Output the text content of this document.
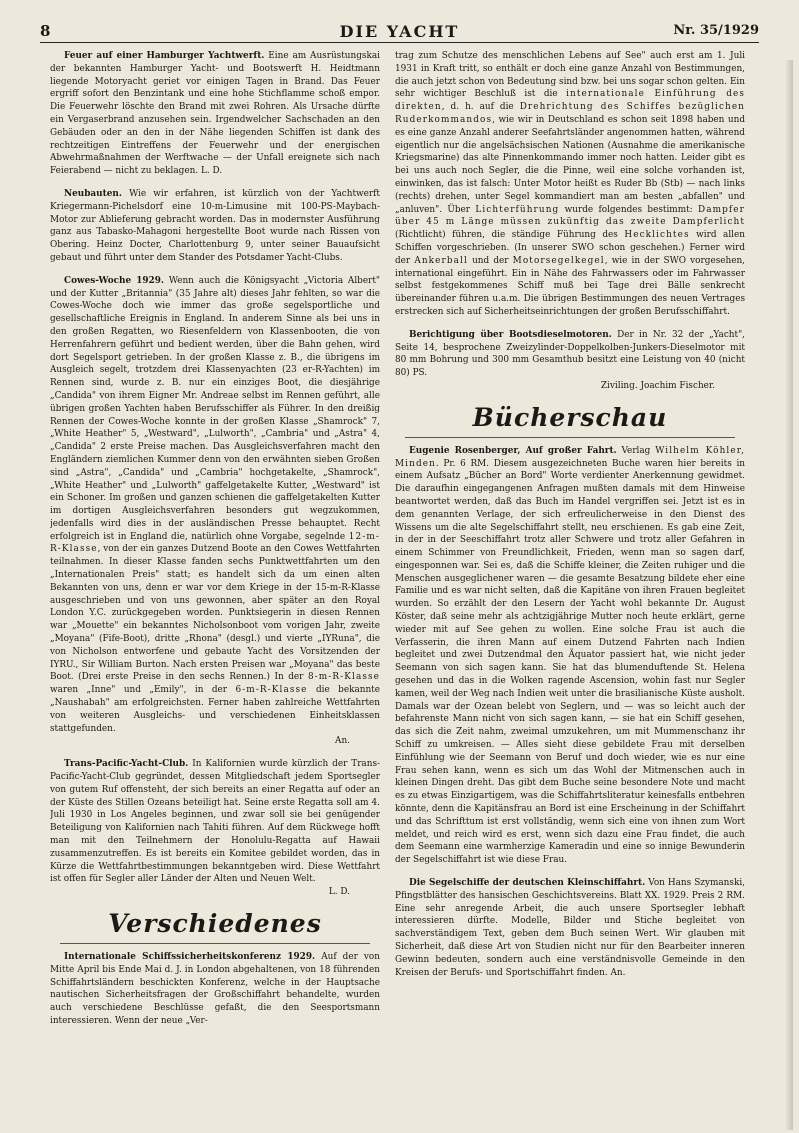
8	DIE YACHT	Nr. 35/1929

Feuer auf einer Hamburger Yachtwerft. Eine am Ausrüstungskai der bekannten Hamburger Yacht- und Bootswerft H. Heidtmann liegende Motoryacht geriet vor einigen Tagen in Brand. Das Feuer ergriff sofort den Benzintank und eine hohe Stichflamme schoß empor. Die Feuerwehr löschte den Brand mit zwei Rohren. Als Ursache dürfte ein Vergaserbrand anzusehen sein. Irgendwelcher Sachschaden an den Gebäuden oder an den in der Nähe liegenden Schiffen ist dank des rechtzeitigen Eintreffens der Feuerwehr und der energischen Abwehrmaßnahmen der Werftwache — der Unfall ereignete sich nach Feierabend — nicht zu beklagen. L. D.

Neubauten. Wie wir erfahren, ist kürzlich von der Yachtwerft Kriegermann-Pichelsdorf eine 10-m-Limusine mit 100-PS-Maybach-Motor zur Ablieferung gebracht worden. Das in modernster Ausführung ganz aus Tabasko-Mahagoni hergestellte Boot wurde nach Rissen von Obering. Heinz Docter, Charlottenburg 9, unter seiner Bauaufsicht gebaut und führt unter dem Stander des Potsdamer Yacht-Clubs.

Cowes-Woche 1929. Wenn auch die Königsyacht „Victoria Albert" und der Kutter „Britannia" (35 Jahre alt) dieses Jahr fehlten, so war die Cowes-Woche doch wie immer das große segelsportliche und gesellschaftliche Ereignis in England. In anderem Sinne als bei uns in den großen Regatten, wo Riesenfeldern von Klassenbooten, die von Herrenfahrern geführt und bedient werden, über die Bahn gehen, wird dort Segelsport getrieben. In der großen Klasse z. B., die übrigens im Ausgleich segelt, trotzdem drei Klassenyachten (23 er-R-Yachten) im Rennen sind, wurde z. B. nur ein einziges Boot, die diesjährige „Candida" von ihrem Eigner Mr. Andreae selbst im Rennen geführt, alle übrigen großen Yachten haben Berufsschiffer als Führer. In den dreißig Rennen der Cowes-Woche konnte in der großen Klasse „Shamrock" 7, „White Heather" 5, „Westward", „Lulworth", „Cambria" und „Astra" 4, „Candida" 2 erste Preise machen. Das Ausgleichsverfahren macht den Engländern ziemlichen Kummer denn von den erwähnten sieben Großen sind „Astra", „Candida" und „Cambria" hochgetakelte, „Shamrock", „White Heather" und „Lulworth" gaffelgetakelte Kutter, „Westward" ist ein Schoner. Im großen und ganzen schienen die gaffelgetakelten Kutter im dortigen Ausgleichsverfahren besonders gut wegzukommen, jedenfalls wird dies in der ausländischen Presse behauptet. Recht erfolgreich ist in England die, natürlich ohne Vorgabe, segelnde 12-m-R-Klasse, von der ein ganzes Dutzend Boote an den Cowes Wettfahrten teilnahmen. In dieser Klasse fanden sechs Punktwettfahrten um den „Internationalen Preis" statt; es handelt sich da um einen alten Bekannten von uns, denn er war vor dem Kriege in der 15-m-R-Klasse ausgeschrieben und von uns gewonnen, aber später an den Royal London Y.C. zurückgegeben worden. Punktsiegerin in diesen Rennen war „Mouette" ein bekanntes Nicholsonboot vom vorigen Jahr, zweite „Moyana" (Fife-Boot), dritte „Rhona" (desgl.) und vierte „IYRuna", die von Nicholson entworfene und gebaute Yacht des Vorsitzenden der IYRU., Sir William Burton. Nach ersten Preisen war „Moyana" das beste Boot. (Drei erste Preise in den sechs Rennen.) In der 8-m-R-Klasse waren „Inne" und „Emily", in der 6-m-R-Klasse die bekannte „Naushabah" am erfolgreichsten. Ferner haben zahlreiche Wettfahrten von weiteren Ausgleichs- und verschiedenen Einheitsklassen stattgefunden.
An.

Trans-Pacific-Yacht-Club. In Kalifornien wurde kürzlich der Trans-Pacific-Yacht-Club gegründet, dessen Mitgliedschaft jedem Sportsegler von gutem Ruf offensteht, der sich bereits an einer Regatta auf oder an der Küste des Stillen Ozeans beteiligt hat. Seine erste Regatta soll am 4. Juli 1930 in Los Angeles beginnen, und zwar soll sie bei genügender Beteiligung von Kalifornien nach Tahiti führen. Auf dem Rückwege hofft man mit den Teilnehmern der Honolulu-Regatta auf Hawaii zusammenzutreffen. Es ist bereits ein Komitee gebildet worden, das in Kürze die Wettfahrtbestimmungen bekanntgeben wird. Diese Wettfahrt ist offen für Segler aller Länder der Alten und Neuen Welt.
L. D.

Verschiedenes

Internationale Schiffssicherheitskonferenz 1929. Auf der von Mitte April bis Ende Mai d. J. in London abgehaltenen, von 18 führenden Schiffahrtsländern beschickten Konferenz, welche in der Hauptsache nautischen Sicherheitsfragen der Großschiffahrt behandelte, wurden auch verschiedene Beschlüsse gefaßt, die den Seesportsmann interessieren. Wenn der neue „Ver-

trag zum Schutze des menschlichen Lebens auf See" auch erst am 1. Juli 1931 in Kraft tritt, so enthält er doch eine ganze Anzahl von Bestimmungen, die auch jetzt schon von Bedeutung sind bzw. bei uns sogar schon gelten. Ein sehr wichtiger Beschluß ist die internationale Einführung des direkten, d. h. auf die Drehrichtung des Schiffes bezüglichen Ruderkommandos, wie wir in Deutschland es schon seit 1898 haben und es eine ganze Anzahl anderer Seefahrtsländer angenommen hatten, während eigentlich nur die angelsächsischen Nationen (Ausnahme die amerikanische Kriegsmarine) das alte Pinnenkommando immer noch hatten. Leider gibt es bei uns auch noch Segler, die die Pinne, weil eine solche vorhanden ist, einwinken, das ist falsch: Unter Motor heißt es Ruder Bb (Stb) — nach links (rechts) drehen, unter Segel kommandiert man am besten „abfallen" und „anluven". Über Lichterführung wurde folgendes bestimmt: Dampfer über 45 m Länge müssen zukünftig das zweite Dampferlicht (Richtlicht) führen, die ständige Führung des Hecklichtes wird allen Schiffen vorgeschrieben. (In unserer SWO schon geschehen.) Ferner wird der Ankerball und der Motorsegelkegel, wie in der SWO vorgesehen, international eingeführt. Ein in Nähe des Fahrwassers oder im Fahrwasser selbst festgekommenes Schiff muß bei Tage drei Bälle senkrecht übereinander führen u.a.m. Die übrigen Bestimmungen des neuen Vertrages erstrecken sich auf Sicherheitseinrichtungen der großen Berufsschiffahrt.

Berichtigung über Bootsdieselmotoren. Der in Nr. 32 der „Yacht", Seite 14, besprochene Zweizylinder-Doppelkolben-Junkers-Dieselmotor mit 80 mm Bohrung und 300 mm Gesamthub besitzt eine Leistung von 40 (nicht 80) PS.
Ziviling. Joachim Fischer.

Bücherschau

Eugenie Rosenberger, Auf großer Fahrt. Verlag Wilhelm Köhler, Minden. Pr. 6 RM. Diesem ausgezeichneten Buche waren hier bereits in einem Aufsatz „Bücher an Bord" Worte verdienter Anerkennung gewidmet. Die daraufhin eingegangenen Anfragen mußten damals mit dem Hinweise beantwortet werden, daß das Buch im Handel vergriffen sei. Jetzt ist es in dem genannten Verlage, der sich erfreulicherweise in den Dienst des Wissens um die alte Segelschiffahrt stellt, neu erschienen. Es gab eine Zeit, in der in der Seeschiffahrt trotz aller Schwere und trotz aller Gefahren in einem Schimmer von Freundlichkeit, Frieden, wenn man so sagen darf, eingesponnen war. Sei es, daß die Schiffe kleiner, die Zeiten ruhiger und die Menschen ausgeglichener waren — die gesamte Besatzung bildete eher eine Familie und es war nicht selten, daß die Kapitäne von ihren Frauen begleitet wurden. So erzählt der den Lesern der Yacht wohl bekannte Dr. August Köster, daß seine mehr als achtzigjährige Mutter noch heute erklärt, gerne wieder mit auf See gehen zu wollen. Eine solche Frau ist auch die Verfasserin, die ihren Mann auf einem Dutzend Fahrten nach Indien begleitet und zwei Dutzendmal den Äquator passiert hat, wie nicht jeder Seemann von sich sagen kann. Sie hat das blumenduftende St. Helena gesehen und das in die Wolken ragende Ascension, wohin fast nur Segler kamen, weil der Weg nach Indien weit unter die brasilianische Küste ausholt. Damals war der Ozean belebt von Seglern, und — was so leicht auch der befahrenste Mann nicht von sich sagen kann, — sie hat ein Schiff gesehen, das sich die Zeit nahm, zweimal umzukehren, um mit Mummenschanz ihr Schiff zu umkreisen. — Alles sieht diese gebildete Frau mit derselben Einfühlung wie der Seemann von Beruf und doch wieder, wie es nur eine Frau sehen kann, wenn es sich um das Wohl der Mitmenschen auch in kleinen Dingen dreht. Das gibt dem Buche seine besondere Note und macht es zu etwas Einzigartigem, was die Schiffahrtsliteratur keinesfalls entbehren könnte, denn die Kapitänsfrau an Bord ist eine Erscheinung in der Schiffahrt und das Schrifttum ist erst vollständig, wenn sich eine von ihnen zum Wort meldet, und reich wird es erst, wenn sich dazu eine Frau findet, die auch dem Seemann eine warmherzige Kameradin und eine so innige Bewunderin der Segelschiffahrt ist wie diese Frau.

Die Segelschiffe der deutschen Kleinschiffahrt. Von Hans Szymanski, Pfingstblätter des hansischen Geschichtsvereins. Blatt XX. 1929. Preis 2 RM. Eine sehr anregende Arbeit, die auch unsere Sportsegler lebhaft interessieren dürfte. Modelle, Bilder und Stiche begleitet von sachverständigem Text, geben dem Buch seinen Wert. Wir glauben mit Sicherheit, daß diese Art von Studien nicht nur für den Bearbeiter inneren Gewinn bedeuten, sondern auch eine verständnisvolle Gemeinde in den Kreisen der Berufs- und Sportschiffahrt finden. An.
